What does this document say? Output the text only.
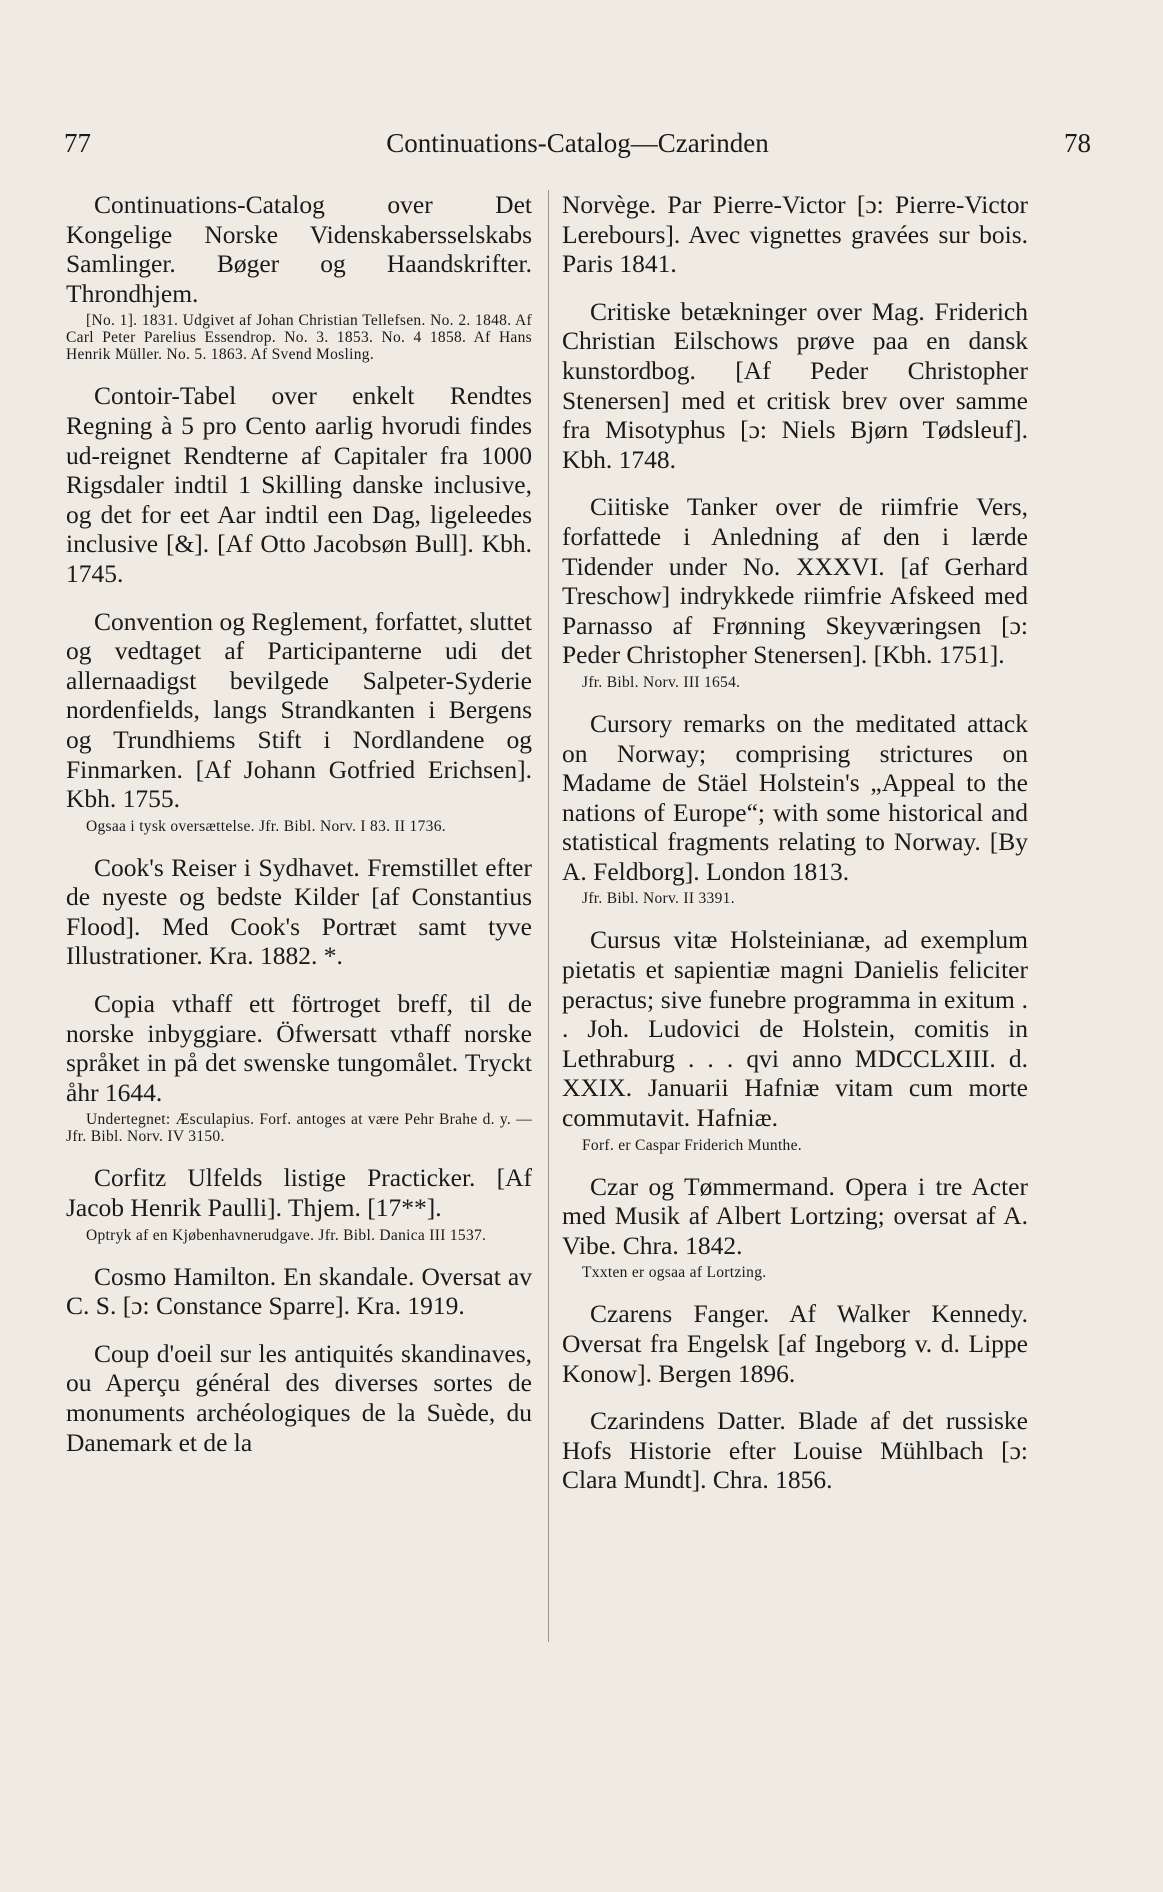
77	Continuations-Catalog—Czarinden	78

Continuations-Catalog over Det Kongelige Norske Videnskabersselskabs Samlinger. Bøger og Haandskrifter. Throndhjem.

[No. 1]. 1831. Udgivet af Johan Christian Tellefsen. No. 2. 1848. Af Carl Peter Parelius Essendrop. No. 3. 1853. No. 4 1858. Af Hans Henrik Müller. No. 5. 1863. Af Svend Mosling.

Contoir-Tabel over enkelt Rendtes Regning à 5 pro Cento aarlig hvorudi findes ud-reignet Rendterne af Capitaler fra 1000 Rigsdaler indtil 1 Skilling danske inclusive, og det for eet Aar indtil een Dag, ligeleedes inclusive [&]. [Af Otto Jacobsøn Bull]. Kbh. 1745.

Convention og Reglement, forfattet, sluttet og vedtaget af Participanterne udi det allernaadigst bevilgede Salpeter-Syderie nordenfields, langs Strandkanten i Bergens og Trundhiems Stift i Nordlandene og Finmarken. [Af Johann Gotfried Erichsen]. Kbh. 1755.

Ogsaa i tysk oversættelse. Jfr. Bibl. Norv. I 83. II 1736.

Cook's Reiser i Sydhavet. Fremstillet efter de nyeste og bedste Kilder [af Constantius Flood]. Med Cook's Portræt samt tyve Illustrationer. Kra. 1882. *.

Copia vthaff ett förtroget breff, til de norske inbyggiare. Öfwersatt vthaff norske språket in på det swenske tungomålet. Tryckt åhr 1644.

Undertegnet: Æsculapius. Forf. antoges at være Pehr Brahe d. y. — Jfr. Bibl. Norv. IV 3150.

Corfitz Ulfelds listige Practicker. [Af Jacob Henrik Paulli]. Thjem. [17**].

Optryk af en Kjøbenhavnerudgave. Jfr. Bibl. Danica III 1537.

Cosmo Hamilton. En skandale. Oversat av C. S. [ɔ: Constance Sparre]. Kra. 1919.

Coup d'oeil sur les antiquités skandinaves, ou Aperçu général des diverses sortes de monuments archéologiques de la Suède, du Danemark et de la

Norvège. Par Pierre-Victor [ɔ: Pierre-Victor Lerebours]. Avec vignettes gravées sur bois. Paris 1841.

Critiske betækninger over Mag. Friderich Christian Eilschows prøve paa en dansk kunstordbog. [Af Peder Christopher Stenersen] med et critisk brev over samme fra Misotyphus [ɔ: Niels Bjørn Tødsleuf]. Kbh. 1748.

Ciitiske Tanker over de riimfrie Vers, forfattede i Anledning af den i lærde Tidender under No. XXXVI. [af Gerhard Treschow] indrykkede riimfrie Afskeed med Parnasso af Frønning Skeyværingsen [ɔ: Peder Christopher Stenersen]. [Kbh. 1751].

Jfr. Bibl. Norv. III 1654.

Cursory remarks on the meditated attack on Norway; comprising strictures on Madame de Stäel Holstein's „Appeal to the nations of Europe“; with some historical and statistical fragments relating to Norway. [By A. Feldborg]. London 1813.

Jfr. Bibl. Norv. II 3391.

Cursus vitæ Holsteinianæ, ad exemplum pietatis et sapientiæ magni Danielis feliciter peractus; sive funebre programma in exitum . . Joh. Ludovici de Holstein, comitis in Lethraburg . . . qvi anno MDCCLXIII. d. XXIX. Januarii Hafniæ vitam cum morte commutavit. Hafniæ.

Forf. er Caspar Friderich Munthe.

Czar og Tømmermand. Opera i tre Acter med Musik af Albert Lortzing; oversat af A. Vibe. Chra. 1842.

Txxten er ogsaa af Lortzing.

Czarens Fanger. Af Walker Kennedy. Oversat fra Engelsk [af Ingeborg v. d. Lippe Konow]. Bergen 1896.

Czarindens Datter. Blade af det russiske Hofs Historie efter Louise Mühlbach [ɔ: Clara Mundt]. Chra. 1856.
